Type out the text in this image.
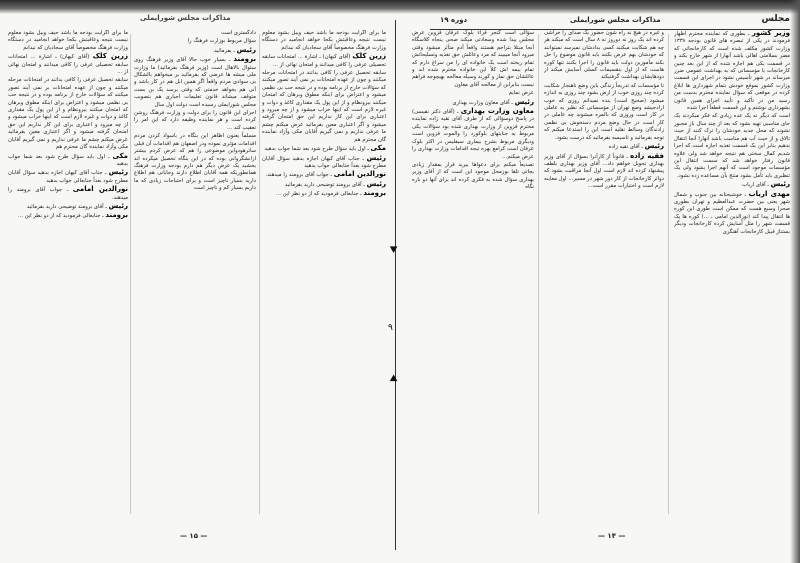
ما برای اگرایت بودجه ما باشد حیف وییل بشود معلوم نیست نتیجه وعاقبتش بکجا خواهد انجامید در دستگاه وزارت فرهنگ مخصوصاً آقای سجادیان که نیدانم

زرین کلک (آقای کیهان) ـ اشارة ... امتحانات سابقه تحصیلی عرفی را کافی میدانند و امتحان نهائی از ...

سابقه تحصیل عرفی را کافی بدانند در امتحانات مرحله میکنند و چون از عهده امتحانات بر نمی آیند تصور میکنند که سؤالات خارج از برنامه بوده و در نتیجه حب بی نظمی میشود و اعتراض برای اینکه مطوق وبرهان که امتحان میکنند بیرونظام و از این پول یک مقداری کاغذ و دوات و غیره لازم است که اینها خراب میشود و از چه میرود و اعتباری برای این کار نداریم این حق امتحان گرفته میشود و اگر اعتباری معین بفرمائید عرض میکنم چشم ما عرفی نداریم و نمی گیریم آقایان مکی وآزاد نماینده گان محترم هم

مکی ـ اول باید سؤال طرح شود بعد شما جواب بدهید

رئیس ـ جناب آقای کیهان اجازه بدهید سؤال آقایان مطرح شود بعداً جنابعالی جواب بدهید

نورالدین امامی ـ جواب آقای برومند را میدهند.

رئیس ـ آقای برومند توضیحی دارید بفرمائید

برومند ـ جنابعالی فرمودید که از دو نظر این ...

دادگستری است

سؤال مربوط بوزارت فرهنگ را

رئیس ـ بفرمائید.

برومند ـ بسیار خوب حالا آقای وزیر فرهنگ روی سئوال بالاهال است (وزیر فرهنگ بفرمائید) ما وزارت ملی میشه ها عرضی که بفرمائید بر میخواهم بالشکال بی سوادی مردم واقعاً اگر همین ابل هم در کار باشد و آنی هم بخواهد خدمتی که وقتی برسد یک بن بست متوقف میشاند قانون تعلیمات اجباری هم بتصویب مجلس شورایملی رسیده است دولت اول سال

اجرای این قانون را برای دولت و وزارت فرهنگ روشن کرده است و هر نماینده وظیفه دارد که این امر را تعقیب کند ...

مسلماً یعنون اظاهر این بنگاه در باسواد کردن مردم اقدامات مؤثری نموده ودر اصفهان هم اقدامات آن قبلی ساترهودواین موضوعی را هم که عرض کردم بیشتر ازانشگروانی بوده که در این بنگاه تحصیل میکرده اند یخشید یک عرض دیگر هم دارم بودجه وزارت فرهنگ همانطوریکه همه آقایان اطلاع دارند وجابانی هم اطلاع دارید بسیار ناچیز است و برای احتیاجات زیادی که ما داریم بسیار کم و ناچیز است

ما برای اگرایت بودجه ما باشد حیف وییل بشود معلوم نیست نتیجه وعاقبتش بکجا خواهد انجامید در دستگاه وزارت فرهنگ مخصوصاً آقای سجادیان که نیدانم

زرین کلک (آقای کیهان) ـ اشارة ... امتحانات سابقه تحصیلی عرفی را کافی میدانند و امتحان نهائی از ...

سابقه تحصیل عرفی را کافی بدانند در امتحانات مرحله میکنند و چون از عهده امتحانات بر نمی آیند تصور میکنند که سؤالات خارج از برنامه بوده و در نتیجه حب بی نظمی میشود و اعتراض برای اینکه مطوق وبرهان که امتحان میکنند بیرونظام و از این پول یک مقداری کاغذ و دوات و غیره لازم است که اینها خراب میشود و از چه میرود و اعتباری برای این کار نداریم این حق امتحان گرفته میشود و اگر اعتباری معین بفرمائید عرض میکنم چشم ما عرفی نداریم و نمی گیریم آقایان مکی وآزاد نماینده گان محترم هم

مکی ـ اول باید سؤال طرح شود بعد شما جواب بدهید

رئیس ـ جناب آقای کیهان اجازه بدهید سؤال آقایان مطرح شود بعداً جنابعالی جواب بدهید

نورالدین امامی ـ جواب آقای برومند را میدهند.

رئیس ـ آقای برومند توضیحی دارید بفرمائید

برومند ـ جنابعالی فرمودید که از دو نظر این ...

— ۱۵ —
⯆
۹
⯅

وزیر کشور ـ بطوری که نماینده محترم اظهار فرمودند در یکی از تبصره های قانون بودجه ۱۳۳۸ وزارت کشور مکلف شده است که کارخانجاتی که مضر بسلامتی اهالی باشد آنهارا از شهر خارج بکند و در قسمت یکی هم اجازه شده که از این بعد چنین کارخانجات یا مؤسساتی که به بهداشت عمومی ضرر میرساند در شهر تأسیس نشود در اجرای این قسمت وزارت کشور بموقع خودش بتمام شهرداری ها ابلاغ کرده در موقعی که سؤال نماینده محترم بدست من رسید من در تأکید و تأیید اجرای همین قانون بشهرداری نوشتم و این قسمت قطعاً اجرا شده

است که دیگر نه یک عده زیادی که فکر میکردند یک جای مناسبی تهیه بشود که بعد از چند سال باز مجبور نشوند که محل جدید خودشان را ترک کنند از حیث تالاق و از حیث آب هم مناسب باشد آنهارا آنجا انتقال بدهیم بنابر این یک قسمت تغذیه اجازه است که اجرا شدیم کمال سختی هم نتیجه خواهد شد ولی علاوه قانون رفتار خواهد شد که سست انتقال این مؤسسات موجود است که آنهم اجرا بشود ولی یک تنظیری باید تأمل بشود منتج بآن مساعده زده نشود.

رئیس ـ آقای ارباب

مهدی ارباب ـ خوشبختانه بین جنوب و شمال شهر یعنی بین حضرت عبدالعظیم و تهران بطوری صحرا وسیع هست که ممکن است طوری این کوره ها انتقال پیدا کند (نورالدین امامی ـ ...) کوره ها یک قسمت شهر را مثل آسایش کرده کارخانجات ودیگر بستناز قبیل کارخانجات آهنگری

و غیره در هیچ نه راه شون حضور یک صدای را خراشی کرده اند یک روز نه دوروز نه ۸ سال است که میکند هر چه هم شکایت میکنند کسی بدادشان نمیرسد نمیتوانند که خودشان بهم عرض بکنند باید قانون موضوع را حل بکند مأمورین دولت باید قانون را اجرا بکنند تنها کوره هاست که از اول بتقسیمات کسلی آسایش میکند از دودهایشان بهداشت گرفتیکند

تا مؤسسات که تدریجاً زندگی باین وضع ناهنجار شکایت کرده چند روزی خوب از ارض بشود چند روزی به اندازه میشود (صحیح است) بنده نمیدانم روزی که خوب ارادجیشد وضع تهران از مؤسساتی که نظیر به عاملی در کار است وروزی که بالمره میشوند چه عاملی در کار است در حال وضع مردم دستخوش بی نظمی زادندگان وسائط نقلیه است این را استدعا میکنم که توجه بفرمائید و تاسیسه بفرمائید که درست بشود.

رئیس ـ آقای نقیه زاده

فقیه زاده ـ قانوناً از کارآنرا بسؤال از آقای وزیر بهداری تحویل خواهم داد... آقای وزیر بهداری بلطف پیشنهاد کرده اند لازم است اول آنجا مراقبت بشود که دوائر کارخانجات از کار دور شهر در مسیر... اول معاینه لازم است و اختیارات مقرر است...

سؤالی است کنجر قراء بلوک عرقان قزوین عرض مجلس ییدا شده وسعادتی میکند صحی ینجاه کلاسگاه آنجا مبتلا بتراخم هستند واقعاً آدم متأثر میشود وقتی میرود آنجا میبیند که مرد وعائلش حق تغذیه وتسلیحاتش تمام ریخته است یک خانواده ای را من سراغ دارم که تمام بیمه اش کلاً این خانواده محترم شده اند و عائلشان حق نماز و کورند وسیله معالجه بهیچوجه فراهم نیست بنابراین از معالجه آقای معاون

عرض نمایم

رئیس ـ آقای معاون وزارت بهداری

معاون وزارت بهداری ـ (آقای دکتر نقیسی) در پاسخ دوسؤالی که از طرف آقای نقیه زاده نماینده محترم قزوین از وزارت بهداری شده بود سؤالات یکی مربوط به جنایتهای بلوکورد را والموت قزوین است ودیگری مربوط بشرح بیماری سیفلیس در اکثر بلوک عرقان است کرامع بهره تیجه اقدامات وزارت بهداری را عرض میکنم...

تصدیعاً میکنم برای دعواها بیرید قرار بمقدار زیادی بجائی تلقا بوزمحل موجود این است که از آقای وزیر بهداری سؤال شده به فکری کرده اند برای آنها دو باره نگاه

— ۱۴ —
مجلس
مذاکرات مجلس شورایملی
دوره ۱۹
مذاکرات مجلس شورایملی
